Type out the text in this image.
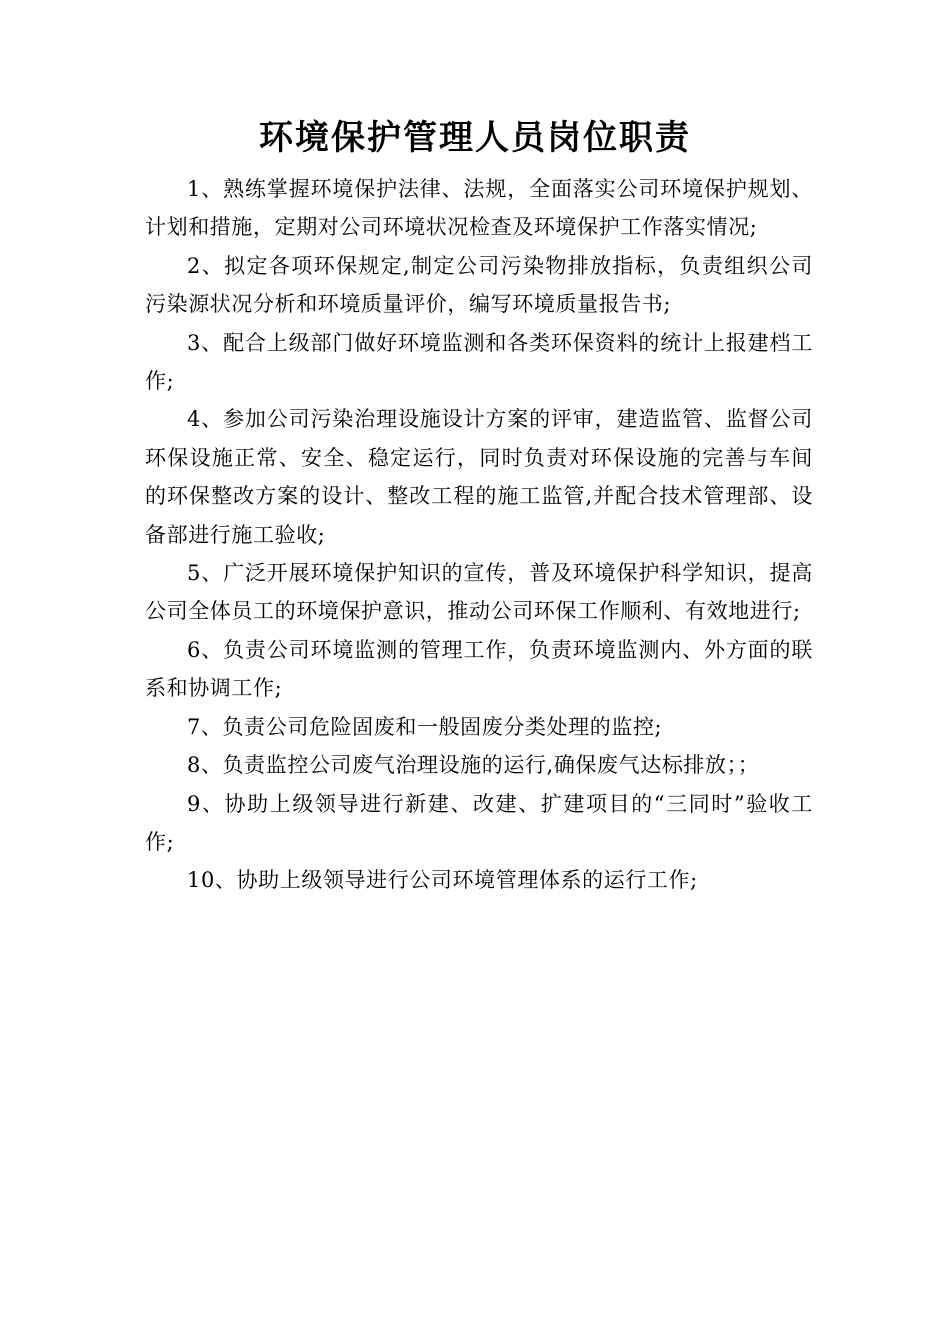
环境保护管理人员岗位职责

1、熟练掌握环境保护法律、法规，全面落实公司环境保护规划、计划和措施，定期对公司环境状况检查及环境保护工作落实情况;

2、拟定各项环保规定,制定公司污染物排放指标，负责组织公司污染源状况分析和环境质量评价，编写环境质量报告书;

3、配合上级部门做好环境监测和各类环保资料的统计上报建档工作;

4、参加公司污染治理设施设计方案的评审，建造监管、监督公司环保设施正常、安全、稳定运行，同时负责对环保设施的完善与车间的环保整改方案的设计、整改工程的施工监管,并配合技术管理部、设备部进行施工验收;

5、广泛开展环境保护知识的宣传，普及环境保护科学知识，提高公司全体员工的环境保护意识，推动公司环保工作顺利、有效地进行;

6、负责公司环境监测的管理工作，负责环境监测内、外方面的联系和协调工作;

7、负责公司危险固废和一般固废分类处理的监控;

8、负责监控公司废气治理设施的运行,确保废气达标排放；；

9、协助上级领导进行新建、改建、扩建项目的“三同时”验收工作;

10、协助上级领导进行公司环境管理体系的运行工作;
